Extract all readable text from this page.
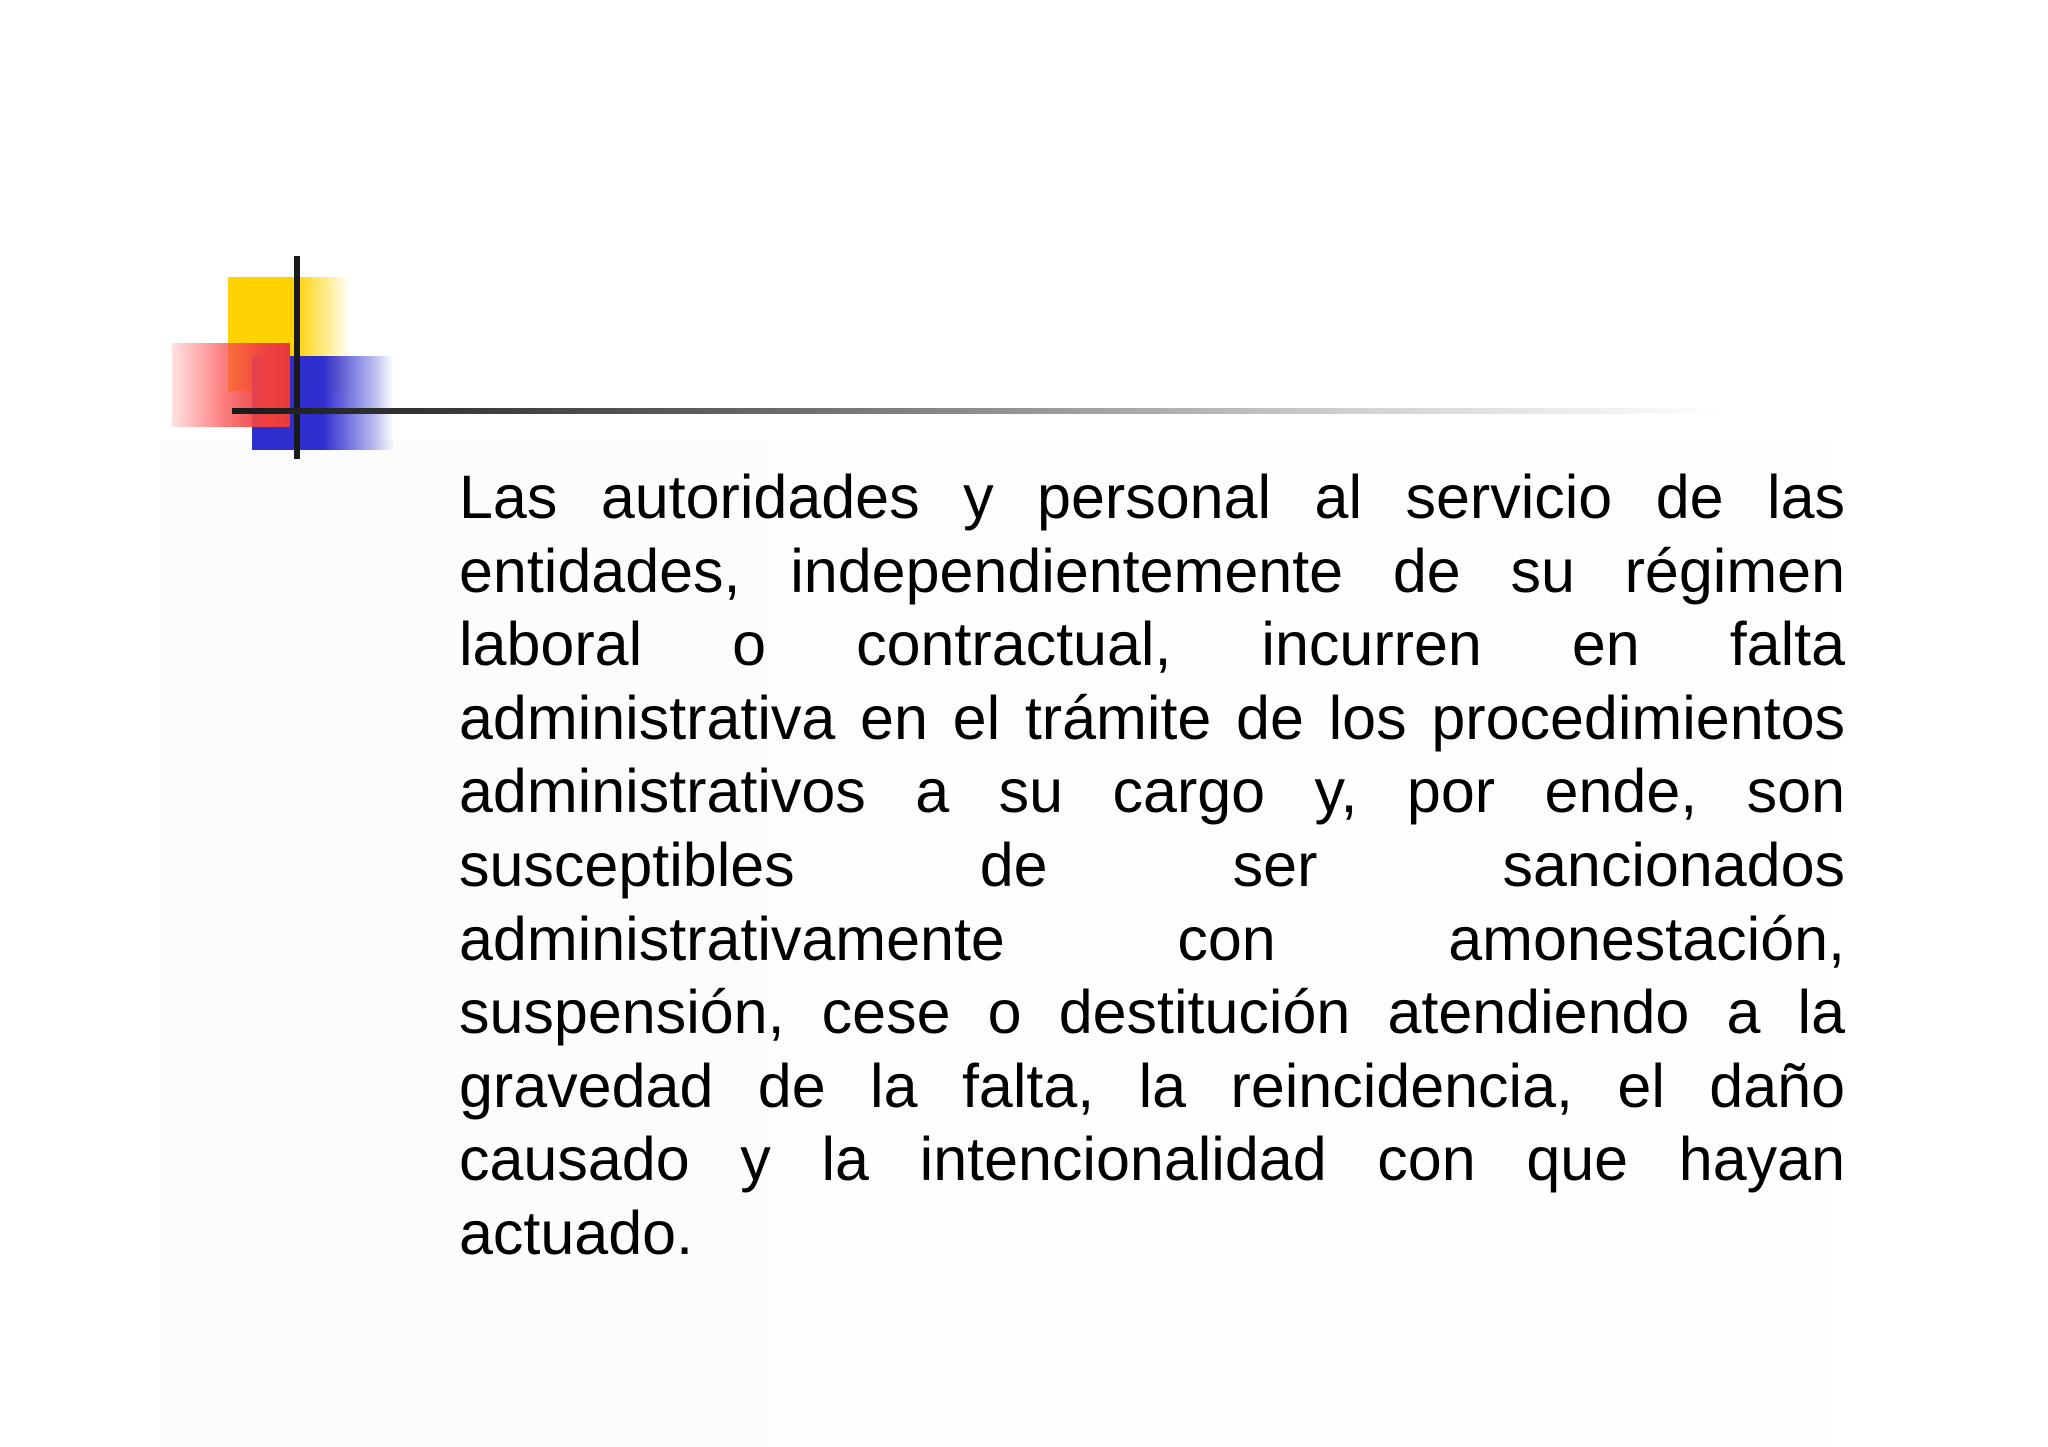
Las autoridades y personal al servicio de las entidades, independientemente de su régimen laboral o contractual, incurren en falta administrativa en el trámite de los procedimientos administrativos a su cargo y, por ende, son susceptibles de ser sancionados administrativamente con amonestación, suspensión, cese o destitución atendiendo a la gravedad de la falta, la reincidencia, el daño causado y la intencionalidad con que hayan actuado.
